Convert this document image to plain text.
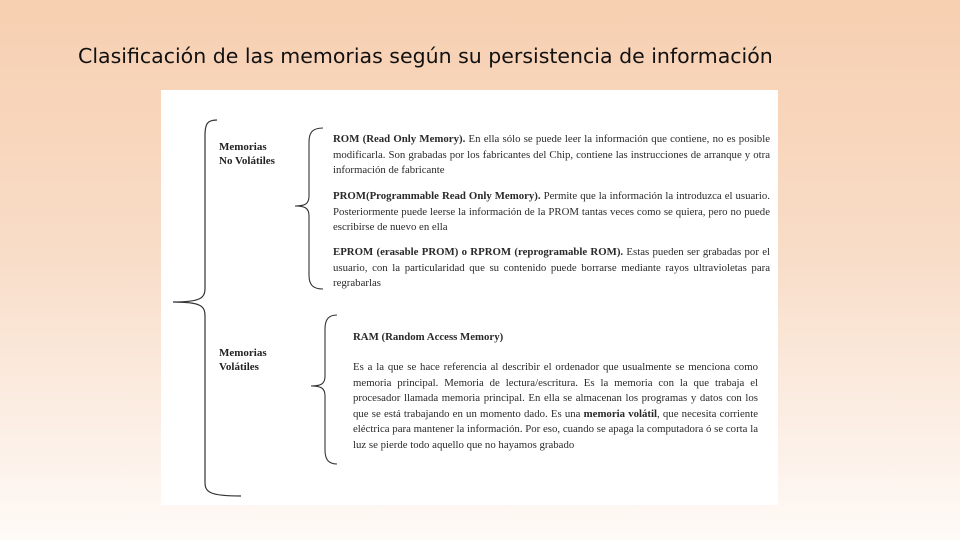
Clasificación de las memorias según su persistencia de información
Memorias
No Volátiles
Memorias
Volátiles
ROM (Read Only Memory). En ella sólo se puede leer la información que contiene, no es posible modificarla. Son grabadas por los fabricantes del Chip, contiene las instrucciones de arranque y otra información de fabricante
PROM(Programmable Read Only Memory). Permite que la información la introduzca el usuario. Posteriormente puede leerse la información de la PROM tantas veces como se quiera, pero no puede escribirse de nuevo en ella
EPROM (erasable PROM) o RPROM (reprogramable ROM). Estas pueden ser grabadas por el usuario, con la particularidad que su contenido puede borrarse mediante rayos ultravioletas para regrabarlas
RAM (Random Access Memory)
Es a la que se hace referencia al describir el ordenador que usualmente se menciona como memoria principal. Memoria de lectura/escritura. Es la memoria con la que trabaja el procesador llamada memoria principal. En ella se almacenan los programas y datos con los que se está trabajando en un momento dado. Es una memoria volátil, que necesita corriente eléctrica para mantener la información. Por eso, cuando se apaga la computadora ó se corta la luz se pierde todo aquello que no hayamos grabado
